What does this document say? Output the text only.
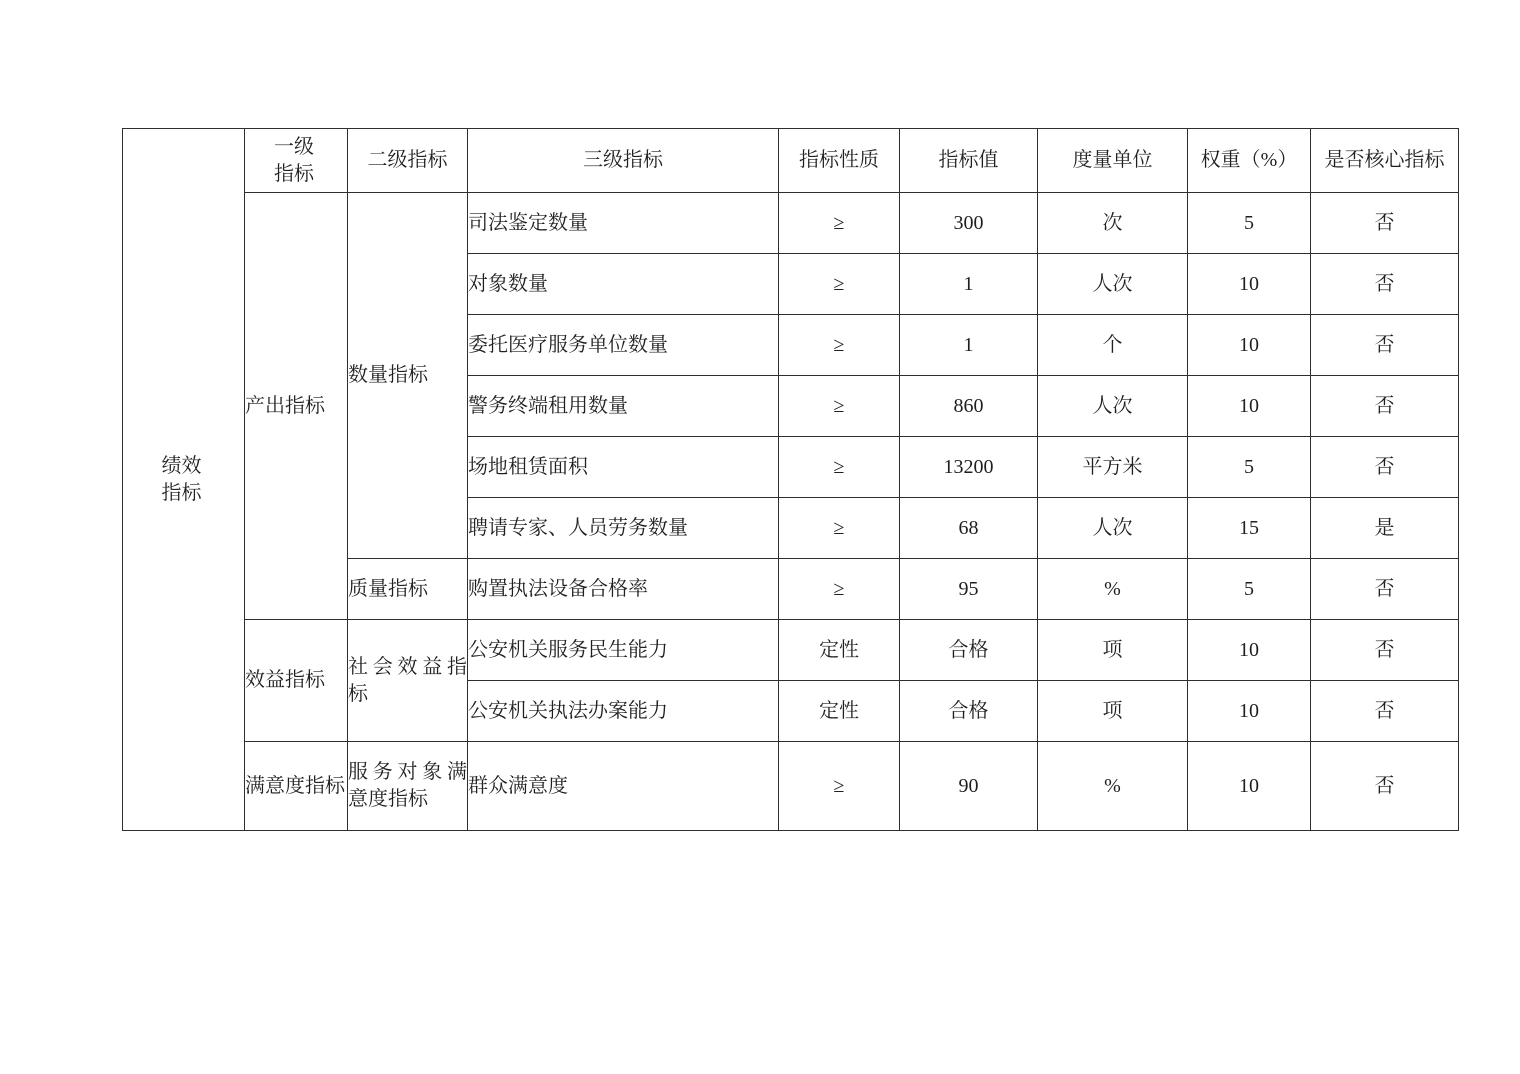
绩效指标	一级指标	二级指标	三级指标	指标性质	指标值	度量单位	权重（%）	是否核心指标
	产出指标	数量指标	司法鉴定数量	≥	300	次	5	否
			对象数量	≥	1	人次	10	否
			委托医疗服务单位数量	≥	1	个	10	否
			警务终端租用数量	≥	860	人次	10	否
			场地租赁面积	≥	13200	平方米	5	否
			聘请专家、人员劳务数量	≥	68	人次	15	是
		质量指标	购置执法设备合格率	≥	95	%	5	否
	效益指标	社会效益指标	公安机关服务民生能力	定性	合格	项	10	否
			公安机关执法办案能力	定性	合格	项	10	否
	满意度指标	服务对象满意度指标	群众满意度	≥	90	%	10	否
